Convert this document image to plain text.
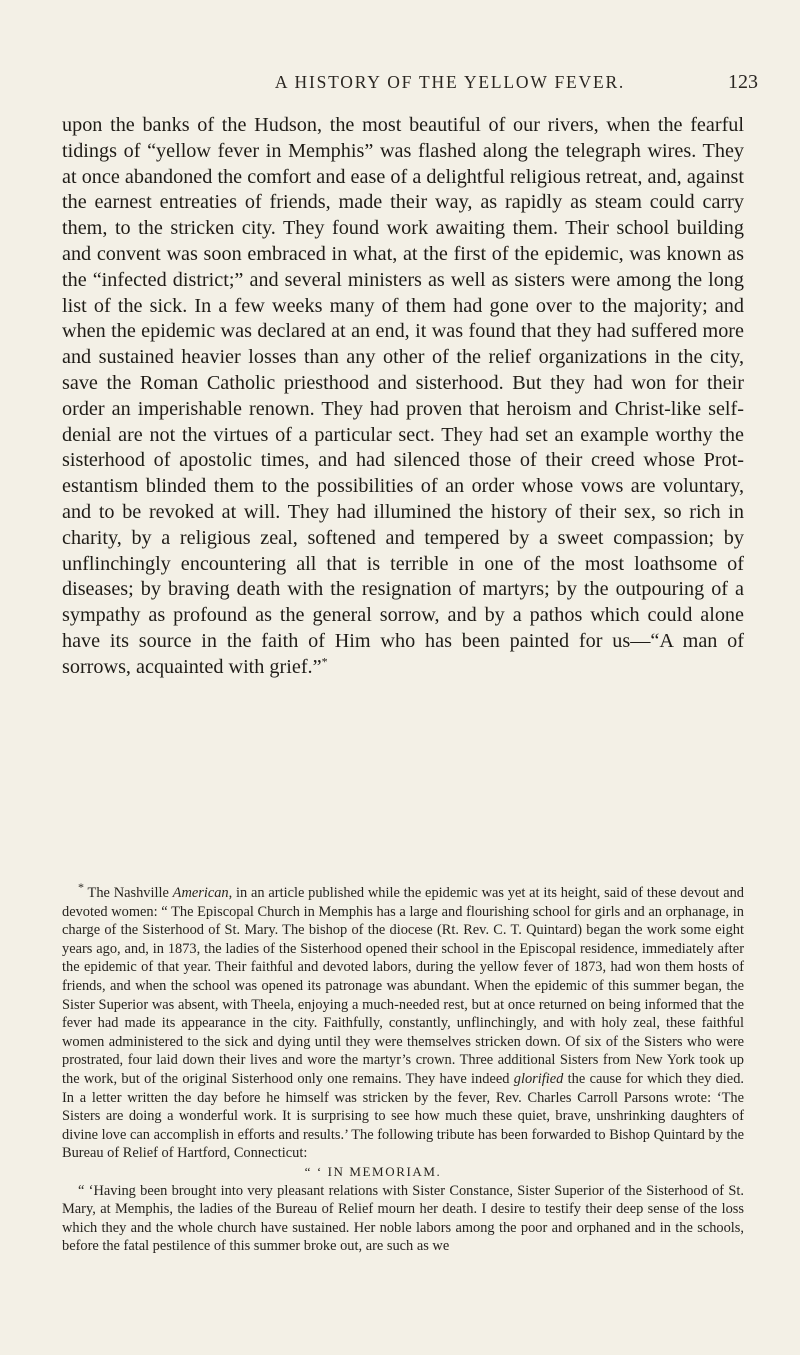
A HISTORY OF THE YELLOW FEVER.	123
upon the banks of the Hudson, the most beautiful of our rivers, when the fearful tidings of “yellow fever in Memphis” was flashed along the telegraph wires. They at once abandoned the comfort and ease of a delightful religious retreat, and, against the earnest entreaties of friends, made their way, as rapidly as steam could carry them, to the stricken city. They found work awaiting them. Their school building and convent was soon embraced in what, at the first of the epidemic, was known as the “infected district;” and several ministers as well as sisters were among the long list of the sick. In a few weeks many of them had gone over to the majority; and when the epidemic was declared at an end, it was found that they had suffered more and sustained heavier losses than any other of the relief organizations in the city, save the Roman Catholic priesthood and sisterhood. But they had won for their order an imperishable renown. They had proven that heroism and Christ-like self-denial are not the virtues of a particular sect. They had set an example worthy the sisterhood of apostolic times, and had silenced those of their creed whose Protestantism blinded them to the possibilities of an order whose vows are voluntary, and to be revoked at will. They had illumined the history of their sex, so rich in charity, by a religious zeal, softened and tempered by a sweet compassion; by unflinchingly encountering all that is terrible in one of the most loathsome of diseases; by braving death with the resignation of martyrs; by the outpouring of a sympathy as profound as the general sorrow, and by a pathos which could alone have its source in the faith of Him who has been painted for us—“A man of sorrows, acquainted with grief.”*

* The Nashville American, in an article published while the epidemic was yet at its height, said of these devout and devoted women: “ The Episcopal Church in Memphis has a large and flourishing school for girls and an orphanage, in charge of the Sisterhood of St. Mary. The bishop of the diocese (Rt. Rev. C. T. Quintard) began the work some eight years ago, and, in 1873, the ladies of the Sisterhood opened their school in the Episcopal residence, immediately after the epidemic of that year. Their faithful and devoted labors, during the yellow fever of 1873, had won them hosts of friends, and when the school was opened its patronage was abundant. When the epidemic of this summer began, the Sister Superior was absent, with Theela, enjoying a much-needed rest, but at once returned on being informed that the fever had made its appearance in the city. Faithfully, constantly, unflinchingly, and with holy zeal, these faithful women administered to the sick and dying until they were themselves stricken down. Of six of the Sisters who were prostrated, four laid down their lives and wore the martyr’s crown. Three additional Sisters from New York took up the work, but of the original Sisterhood only one remains. They have indeed glorified the cause for which they died. In a letter written the day before he himself was stricken by the fever, Rev. Charles Carroll Parsons wrote: ‘The Sisters are doing a wonderful work. It is surprising to see how much these quiet, brave, unshrinking daughters of divine love can accomplish in efforts and results.’ The following tribute has been forwarded to Bishop Quintard by the Bureau of Relief of Hartford, Connecticut:

“ ‘ IN MEMORIAM.

“ ‘Having been brought into very pleasant relations with Sister Constance, Sister Superior of the Sisterhood of St. Mary, at Memphis, the ladies of the Bureau of Relief mourn her death. I desire to testify their deep sense of the loss which they and the whole church have sustained. Her noble labors among the poor and orphaned and in the schools, before the fatal pestilence of this summer broke out, are such as we
